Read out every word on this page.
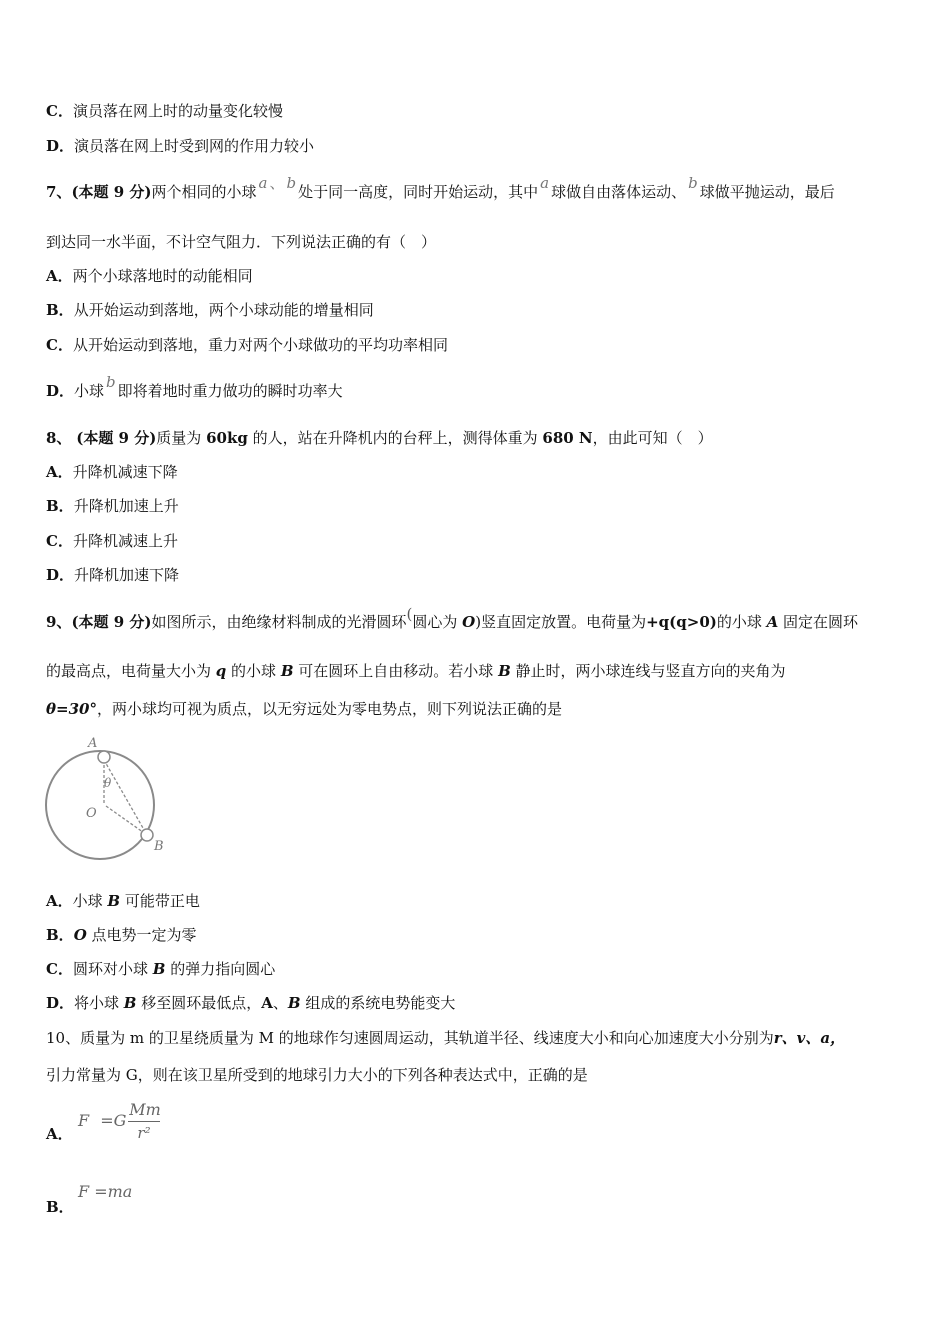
C．演员落在网上时的动量变化较慢
D．演员落在网上时受到网的作用力较小
7、(本题 9 分)两个相同的小球 a 、 b 处于同一高度，同时开始运动，其中 a 球做自由落体运动、 b 球做平抛运动，最后
到达同一水半面，不计空气阻力．下列说法正确的有（　）
A．两个小球落地时的动能相同
B．从开始运动到落地，两个小球动能的增量相同
C．从开始运动到落地，重力对两个小球做功的平均功率相同
D．小球 b 即将着地时重力做功的瞬时功率大
8、 (本题 9 分)质量为 60kg 的人，站在升降机内的台秤上，测得体重为 680 N，由此可知（　）
A．升降机减速下降
B．升降机加速上升
C．升降机减速上升
D．升降机加速下降
9、(本题 9 分)如图所示，由绝缘材料制成的光滑圆环(圆心为 O)竖直固定放置。电荷量为+q(q>0)的小球 A 固定在圆环
的最高点，电荷量大小为 q 的小球 B 可在圆环上自由移动。若小球 B 静止时，两小球连线与竖直方向的夹角为
θ=30°，两小球均可视为质点，以无穷远处为零电势点，则下列说法正确的是
A
B
O
θ
A．小球 B 可能带正电
B．O 点电势一定为零
C．圆环对小球 B 的弹力指向圆心
D．将小球 B 移至圆环最低点，A、B 组成的系统电势能变大
10、质量为 m 的卫星绕质量为 M 的地球作匀速圆周运动，其轨道半径、线速度大小和向心加速度大小分别为r、v、a，
引力常量为 G，则在该卫星所受到的地球引力大小的下列各种表达式中，正确的是
A．
F =G
Mm
r²
B．
F =ma
